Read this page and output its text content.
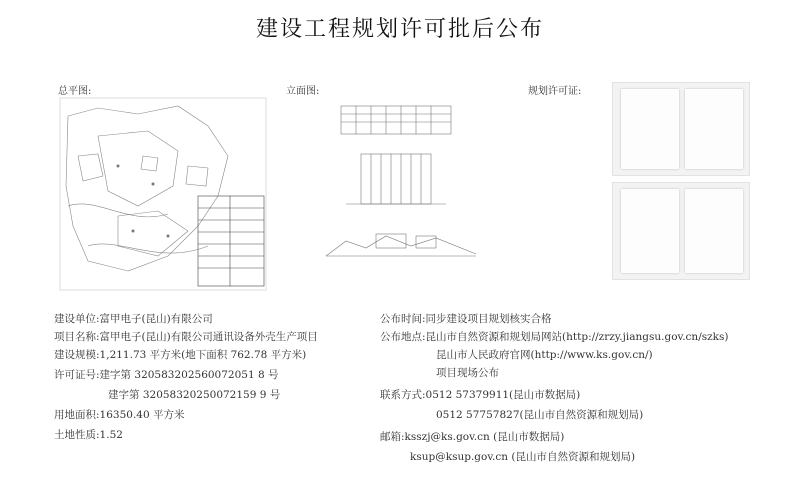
建设工程规划许可批后公布
总平图:	立面图:	规划许可证:
建设单位:富甲电子(昆山)有限公司
项目名称:富甲电子(昆山)有限公司通讯设备外壳生产项目
建设规模:1,211.73 平方米(地下面积 762.78 平方米)
许可证号:建字第 320583202560072051 8 号
建字第 32058320250072159 9 号
用地面积:16350.40 平方米
土地性质:1.52
公布时间:同步建设项目规划核实合格
公布地点:昆山市自然资源和规划局网站(http://zrzy.jiangsu.gov.cn/szks)
昆山市人民政府官网(http://www.ks.gov.cn/)
项目现场公布
联系方式:0512 57379911(昆山市数据局)
0512 57757827(昆山市自然资源和规划局)
邮箱:ksszj@ks.gov.cn (昆山市数据局)
ksup@ksup.gov.cn (昆山市自然资源和规划局)
